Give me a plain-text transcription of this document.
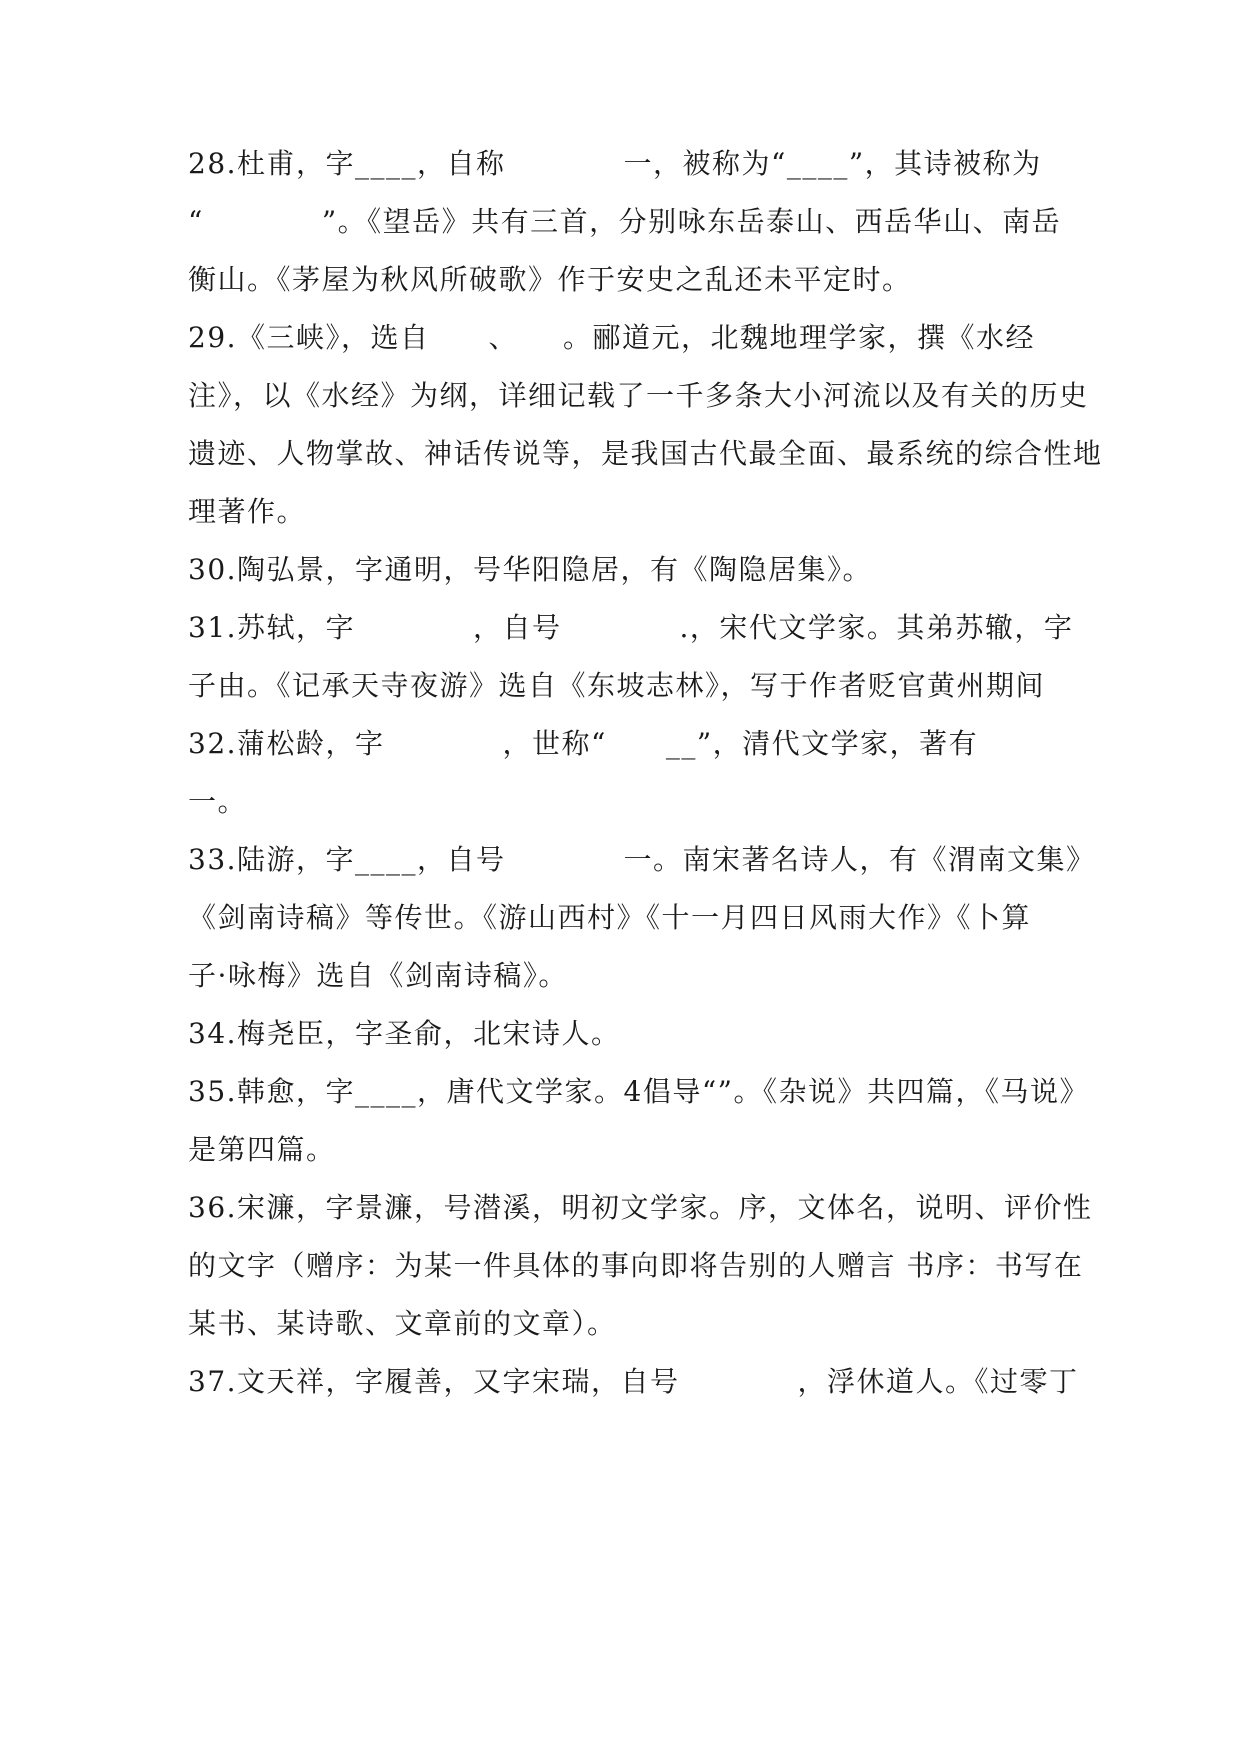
28.杜甫，字____，自称　　　　一，被称为“____”，其诗被称为
“　　　　”。《望岳》共有三首，分别咏东岳泰山、西岳华山、南岳
衡山。《茅屋为秋风所破歌》作于安史之乱还未平定时。
29.《三峡》，选自　　、　　。郦道元，北魏地理学家，撰《水经
注》，以《水经》为纲，详细记载了一千多条大小河流以及有关的历史
遗迹、人物掌故、神话传说等，是我国古代最全面、最系统的综合性地
理著作。
30.陶弘景，字通明，号华阳隐居，有《陶隐居集》。
31.苏轼，字　　　　，自号　　　　.，宋代文学家。其弟苏辙，字
子由。《记承天寺夜游》选自《东坡志林》，写于作者贬官黄州期间
32.蒲松龄，字　　　　，世称“　　__”，清代文学家，著有
一。
33.陆游，字____，自号　　　　一。南宋著名诗人，有《渭南文集》
《剑南诗稿》等传世。《游山西村》《十一月四日风雨大作》《卜算
子·咏梅》选自《剑南诗稿》。
34.梅尧臣，字圣俞，北宋诗人。
35.韩愈，字____，唐代文学家。4倡导“”。《杂说》共四篇，《马说》
是第四篇。
36.宋濂，字景濂，号潜溪，明初文学家。序，文体名，说明、评价性
的文字（赠序：为某一件具体的事向即将告别的人赠言 书序：书写在
某书、某诗歌、文章前的文章）。
37.文天祥，字履善，又字宋瑞，自号　　　　，浮休道人。《过零丁
